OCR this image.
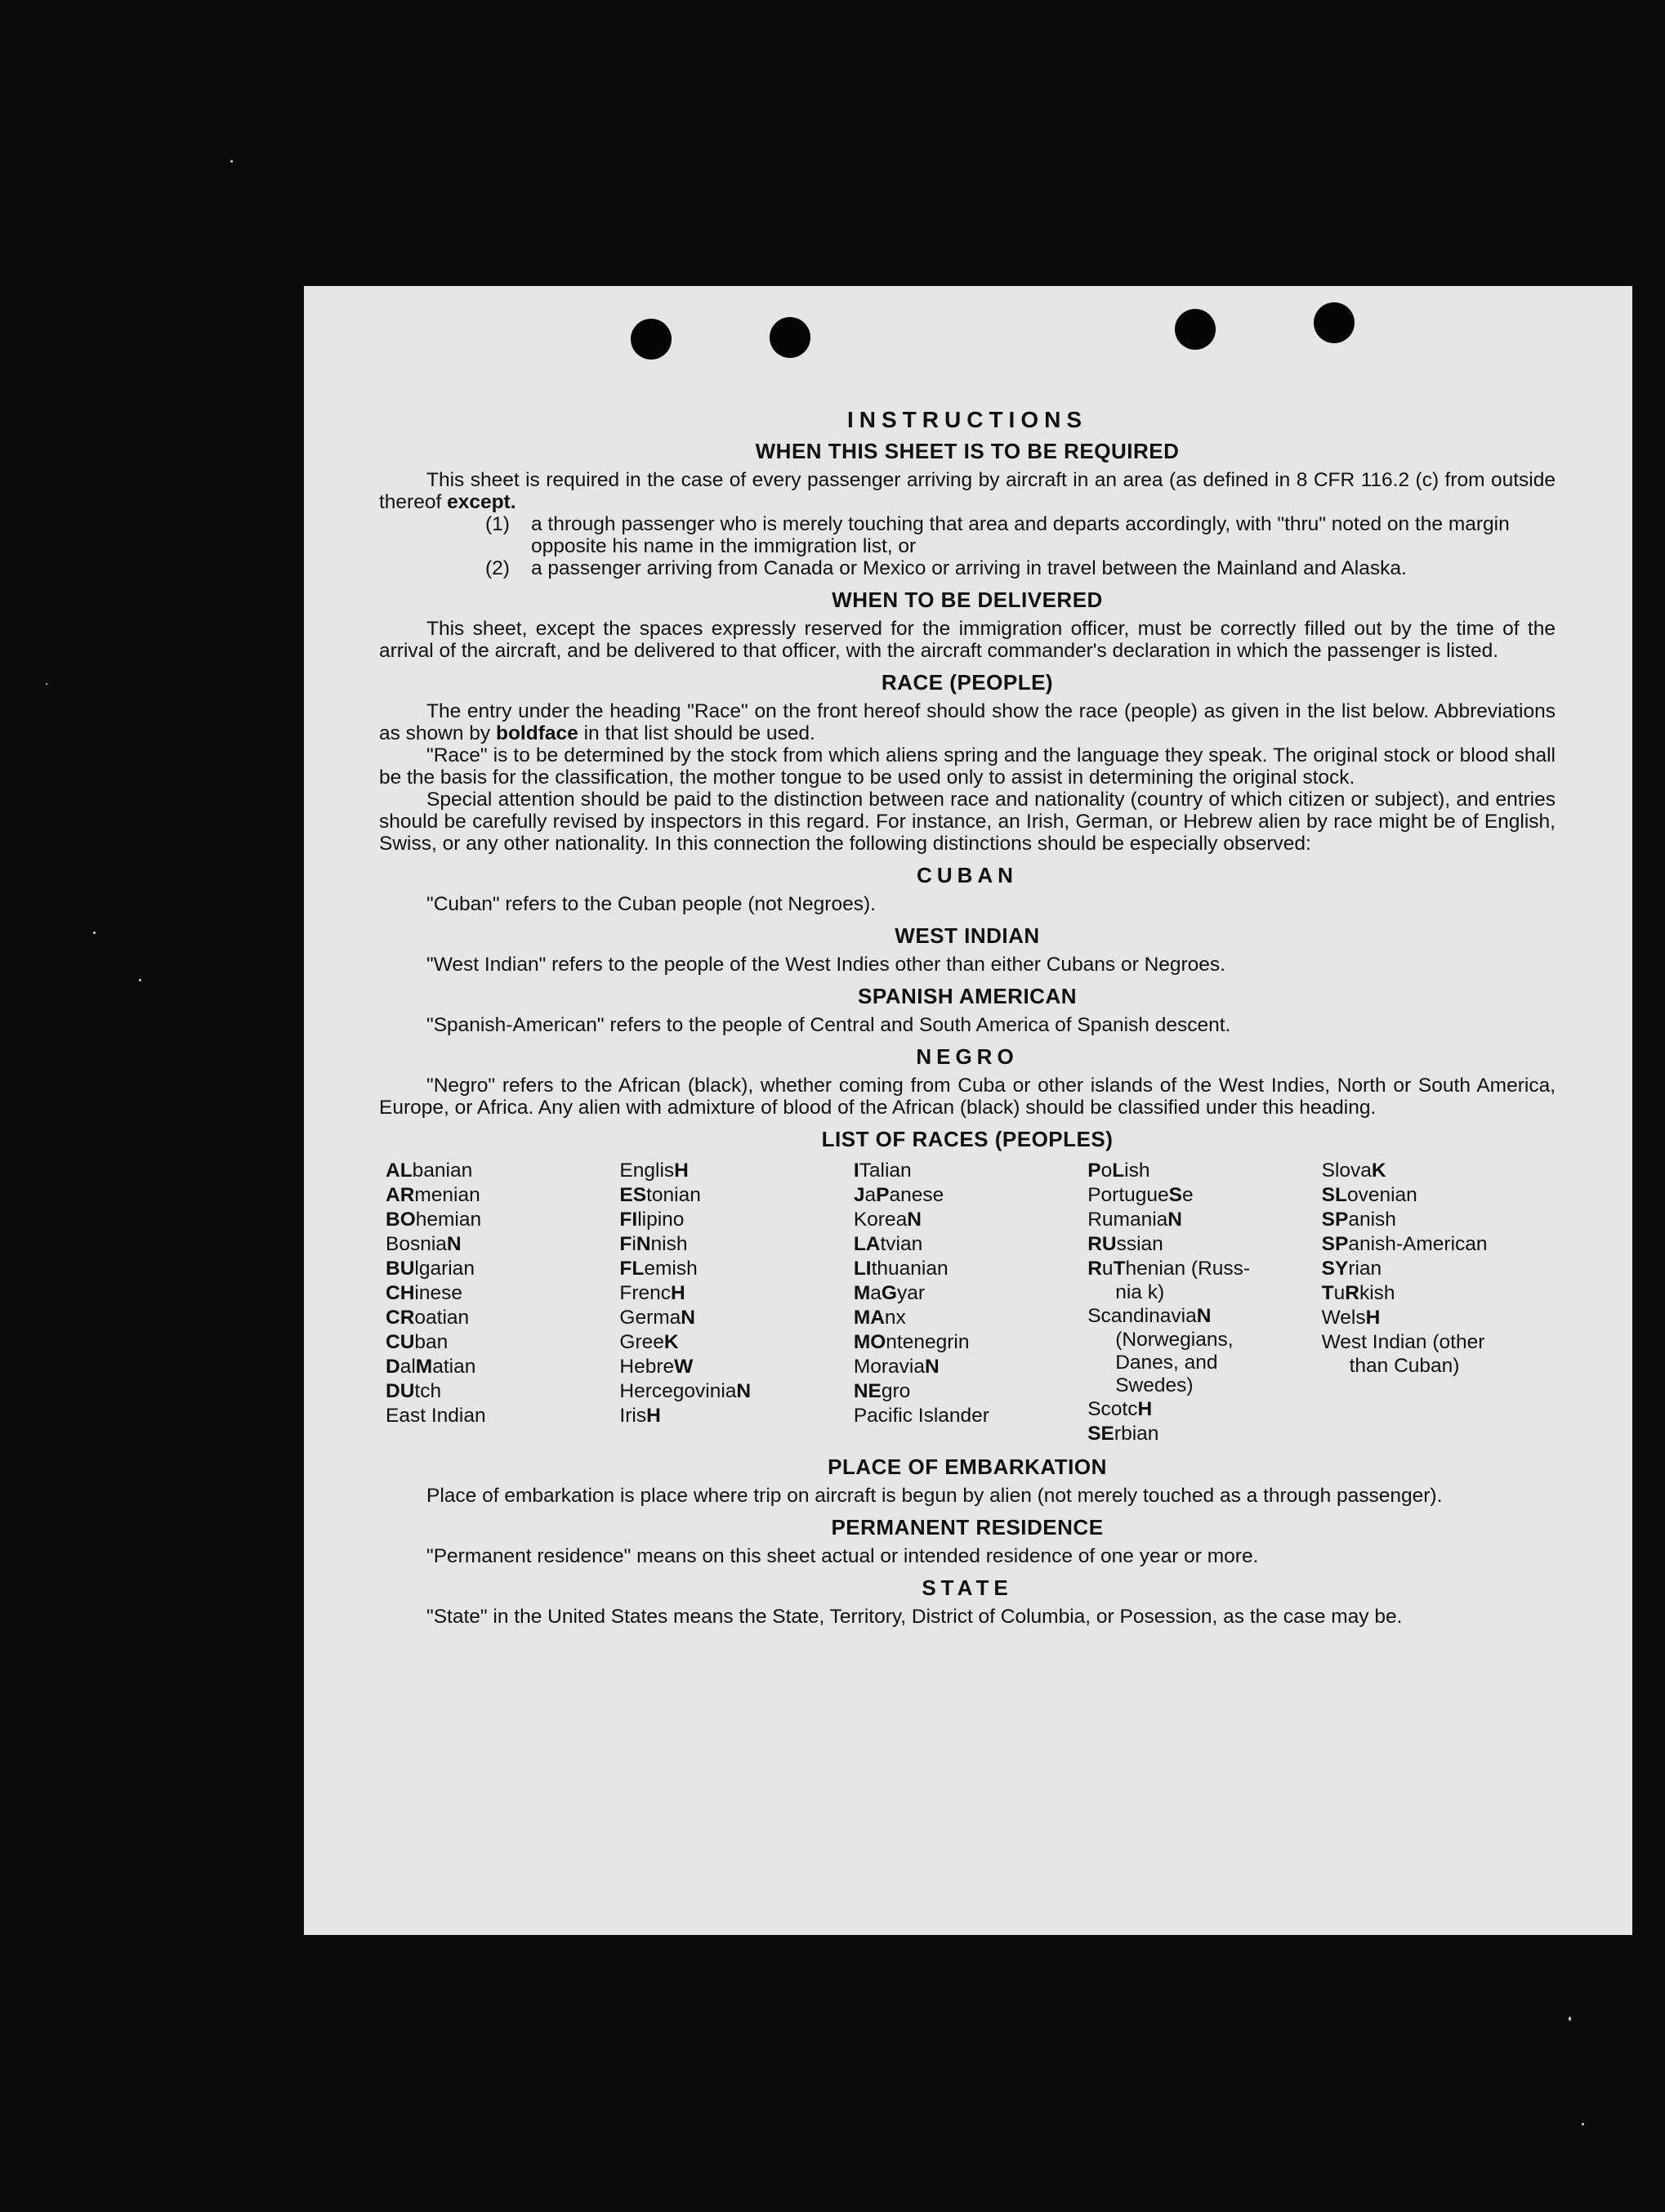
INSTRUCTIONS
WHEN THIS SHEET IS TO BE REQUIRED

This sheet is required in the case of every passenger arriving by aircraft in an area (as defined in 8 CFR 116.2 (c) from outside thereof except.

(1)	a through passenger who is merely touching that area and departs accordingly, with "thru" noted on the margin opposite his name in the immigration list, or
(2)	a passenger arriving from Canada or Mexico or arriving in travel between the Mainland and Alaska.
WHEN TO BE DELIVERED

This sheet, except the spaces expressly reserved for the immigration officer, must be correctly filled out by the time of the arrival of the aircraft, and be delivered to that officer, with the aircraft commander's declaration in which the passenger is listed.

RACE (PEOPLE)

The entry under the heading "Race" on the front hereof should show the race (people) as given in the list below. Abbreviations as shown by boldface in that list should be used.

"Race" is to be determined by the stock from which aliens spring and the language they speak. The original stock or blood shall be the basis for the classification, the mother tongue to be used only to assist in determining the original stock.

Special attention should be paid to the distinction between race and nationality (country of which citizen or subject), and entries should be carefully revised by inspectors in this regard. For instance, an Irish, German, or Hebrew alien by race might be of English, Swiss, or any other nationality. In this connection the following distinctions should be especially observed:

CUBAN

"Cuban" refers to the Cuban people (not Negroes).

WEST INDIAN

"West Indian" refers to the people of the West Indies other than either Cubans or Negroes.

SPANISH AMERICAN

"Spanish-American" refers to the people of Central and South America of Spanish descent.

NEGRO

"Negro" refers to the African (black), whether coming from Cuba or other islands of the West Indies, North or South America, Europe, or Africa. Any alien with admixture of blood of the African (black) should be classified under this heading.

LIST OF RACES (PEOPLES)
ALbanian
ARmenian
BOhemian
BosniaN
BUlgarian
CHinese
CRoatian
CUban
DalMatian
DUtch
East Indian
EnglisH
EStonian
FIlipino
FiNnish
FLemish
FrencH
GermaN
GreeK
HebreW
HercegoviniaN
IrisH
ITalian
JaPanese
KoreaN
LAtvian
LIthuanian
MaGyar
MAnx
MOntenegrin
MoraviaN
NEgro
Pacific Islander
PoLish
PortugueSe
RumaniaN
RUssian
RuThenian (Russ-
nia k)
ScandinaviaN
(Norwegians,
Danes, and
Swedes)
ScotcH
SErbian
SlovaK
SLovenian
SPanish
SPanish-American
SYrian
TuRkish
WelsH
West Indian (other
than Cuban)
PLACE OF EMBARKATION

Place of embarkation is place where trip on aircraft is begun by alien (not merely touched as a through passenger).

PERMANENT RESIDENCE

"Permanent residence" means on this sheet actual or intended residence of one year or more.

STATE

"State" in the United States means the State, Territory, District of Columbia, or Posession, as the case may be.
